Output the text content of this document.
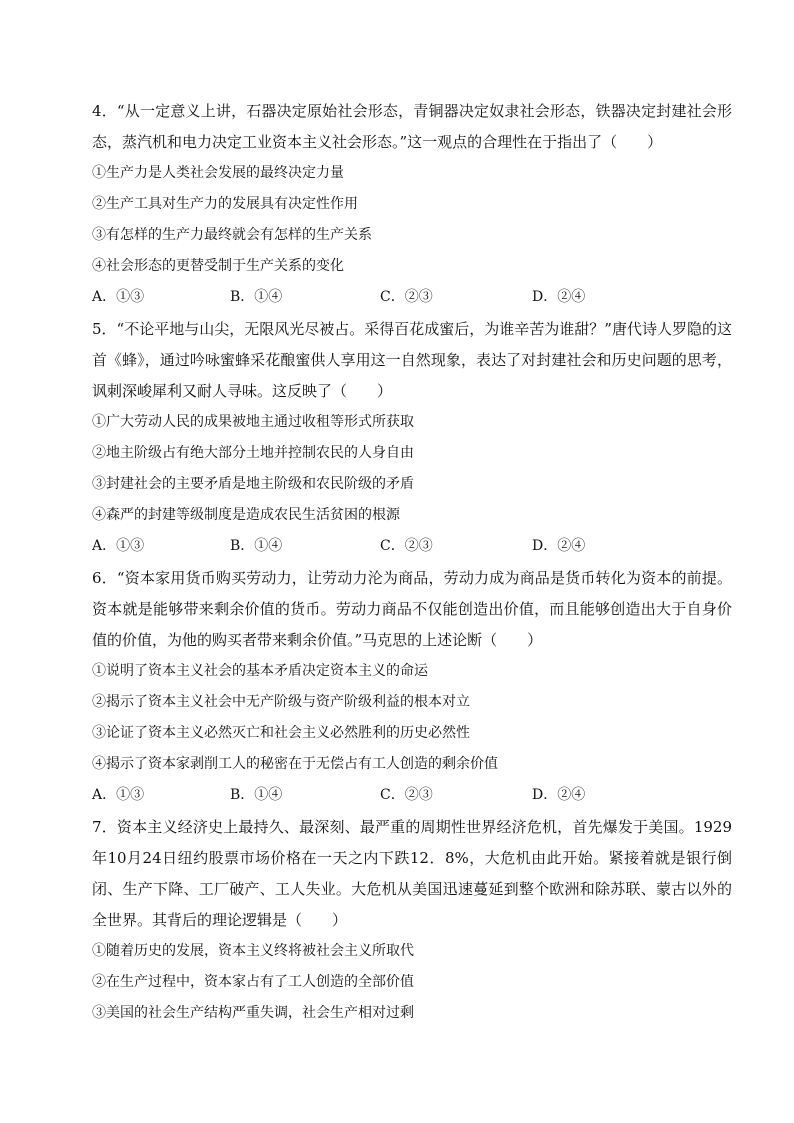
4．“从一定意义上讲，石器决定原始社会形态，青铜器决定奴隶社会形态，铁器决定封建社会形态，蒸汽机和电力决定工业资本主义社会形态。”这一观点的合理性在于指出了（　　）

①生产力是人类社会发展的最终决定力量

②生产工具对生产力的发展具有决定性作用

③有怎样的生产力最终就会有怎样的生产关系

④社会形态的更替受制于生产关系的变化

A．①③	B．①④	C．②③	D．②④

5．“不论平地与山尖，无限风光尽被占。采得百花成蜜后，为谁辛苦为谁甜？”唐代诗人罗隐的这首《蜂》，通过吟咏蜜蜂采花酿蜜供人享用这一自然现象，表达了对封建社会和历史问题的思考，讽刺深峻犀利又耐人寻味。这反映了（　　）

①广大劳动人民的成果被地主通过收租等形式所获取

②地主阶级占有绝大部分土地并控制农民的人身自由

③封建社会的主要矛盾是地主阶级和农民阶级的矛盾

④森严的封建等级制度是造成农民生活贫困的根源

A．①③	B．①④	C．②③	D．②④

6．“资本家用货币购买劳动力，让劳动力沦为商品，劳动力成为商品是货币转化为资本的前提。资本就是能够带来剩余价值的货币。劳动力商品不仅能创造出价值，而且能够创造出大于自身价值的价值，为他的购买者带来剩余价值。”马克思的上述论断（　　）

①说明了资本主义社会的基本矛盾决定资本主义的命运

②揭示了资本主义社会中无产阶级与资产阶级利益的根本对立

③论证了资本主义必然灭亡和社会主义必然胜利的历史必然性

④揭示了资本家剥削工人的秘密在于无偿占有工人创造的剩余价值

A．①③	B．①④	C．②③	D．②④

7．资本主义经济史上最持久、最深刻、最严重的周期性世界经济危机，首先爆发于美国。1929年10月24日纽约股票市场价格在一天之内下跌12．8%，大危机由此开始。紧接着就是银行倒闭、生产下降、工厂破产、工人失业。大危机从美国迅速蔓延到整个欧洲和除苏联、蒙古以外的全世界。其背后的理论逻辑是（　　）

①随着历史的发展，资本主义终将被社会主义所取代

②在生产过程中，资本家占有了工人创造的全部价值

③美国的社会生产结构严重失调，社会生产相对过剩
